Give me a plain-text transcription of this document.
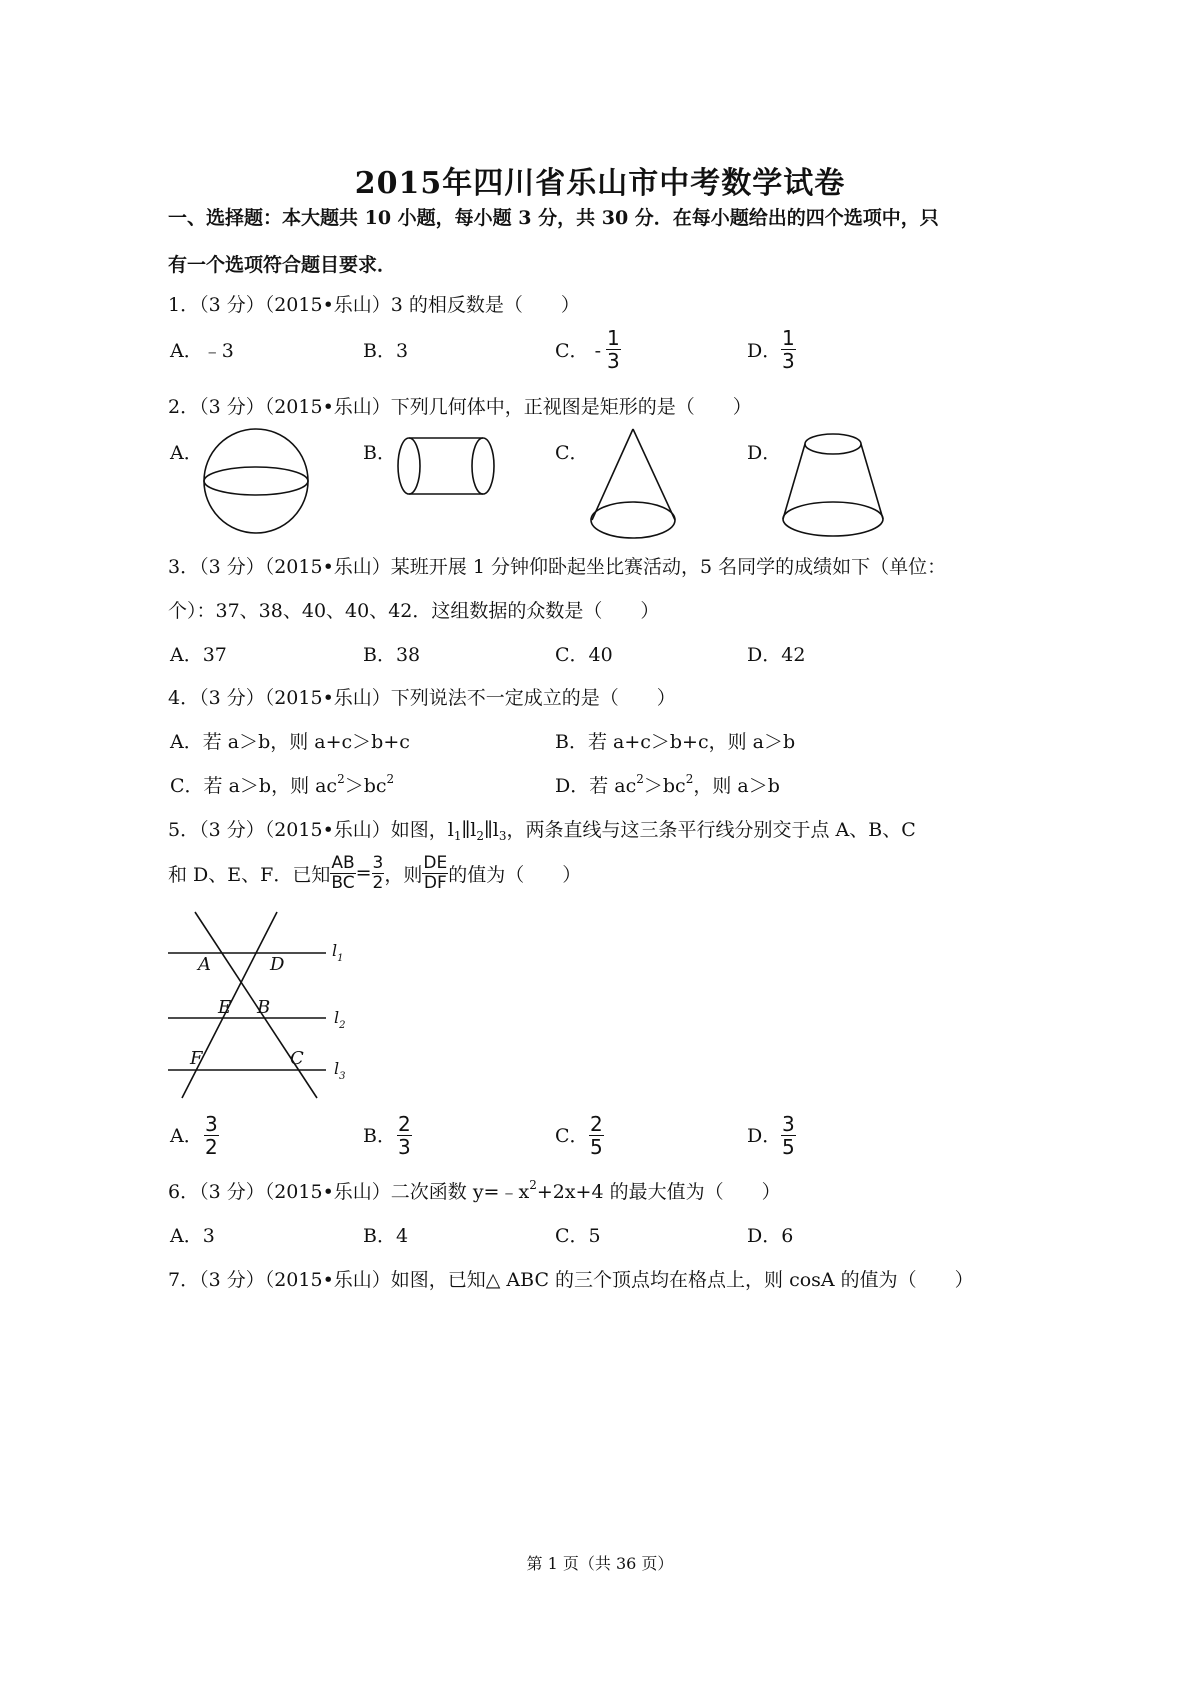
2015年四川省乐山市中考数学试卷
一、选择题：本大题共 10 小题，每小题 3 分，共 30 分．在每小题给出的四个选项中，只
有一个选项符合题目要求．
1．（3 分）（2015•乐山）3 的相反数是（　　）
A．﹣3	B．3	C． - $\frac{1}{3}$	D． $\frac{1}{3}$
2．（3 分）（2015•乐山）下列几何体中，正视图是矩形的是（　　）
A．	B．	C．	D．
3．（3 分）（2015•乐山）某班开展 1 分钟仰卧起坐比赛活动，5 名同学的成绩如下（单位：
个）：37、38、40、40、42．这组数据的众数是（　　）
A．37	B．38	C．40	D．42
4．（3 分）（2015•乐山）下列说法不一定成立的是（　　）
A．若 a＞b，则 a+c＞b+c	B．若 a+c＞b+c，则 a＞b
C．若 a＞b，则 $ac^2>bc^2$	D．若 $ac^2>bc^2$，则 a＞b
5．（3 分）（2015•乐山）如图，$l_1\parallel l_2\parallel l_3$，两条直线与这三条平行线分别交于点 A、B、C
和 D、E、F．已知 $\frac{AB}{BC} = \frac{3}{2}$ ，则 $\frac{DE}{DF}$ 的值为（　　）
A	D
E B
F	C
$l_1$
$l_2$
$l_3$
A． $\frac{3}{2}$	B． $\frac{2}{3}$	C． $\frac{2}{5}$	D． $\frac{3}{5}$
6．（3 分）（2015•乐山）二次函数 $y=﹣x^2+2x+4$ 的最大值为（　　）
A．3	B．4	C．5	D．6
7．（3 分）（2015•乐山）如图，已知△ ABC 的三个顶点均在格点上，则 cosA 的值为（　　）
第 1 页（共 36 页）
